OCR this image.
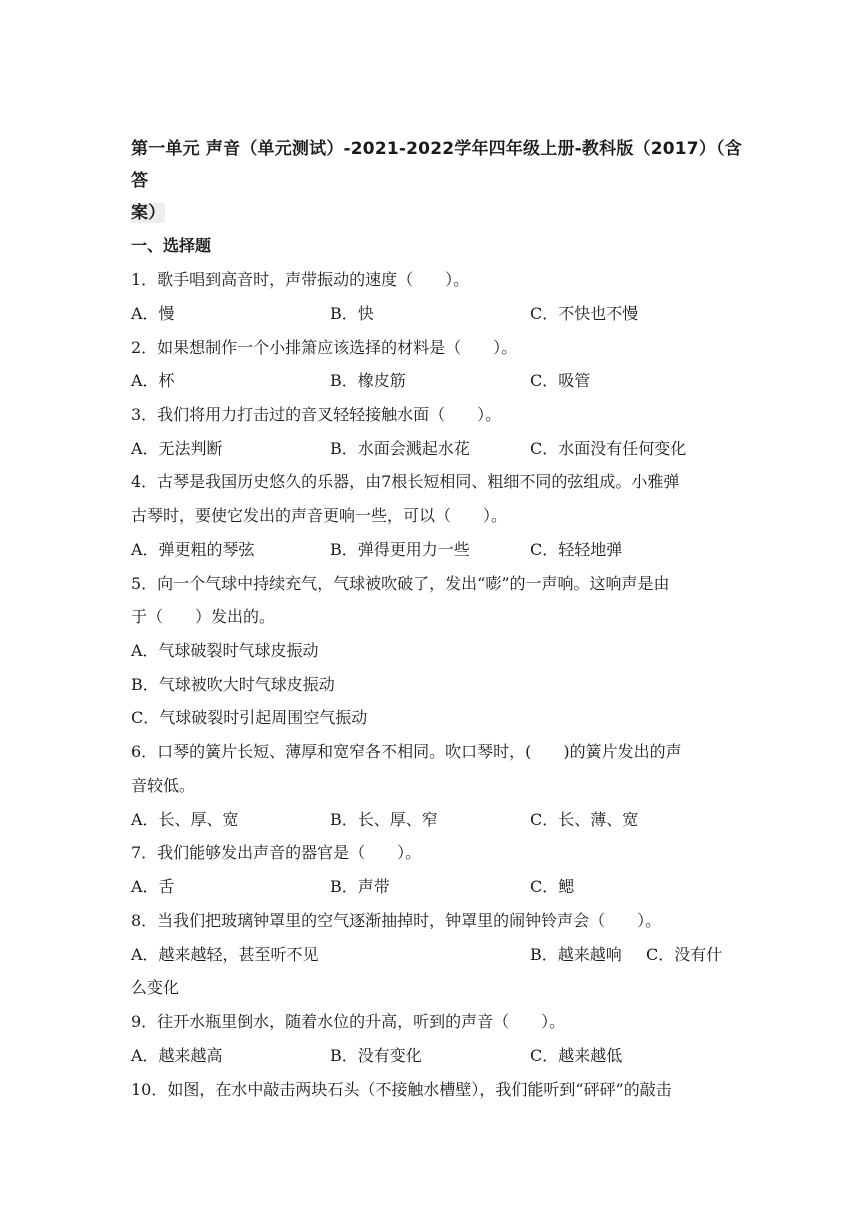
第一单元 声音（单元测试）-2021-2022学年四年级上册-教科版（2017）（含答
案）
一、选择题
1．歌手唱到高音时，声带振动的速度（　　）。
A．慢	B．快	C．不快也不慢
2．如果想制作一个小排箫应该选择的材料是（　　）。
A．杯	B．橡皮筋	C．吸管
3．我们将用力打击过的音叉轻轻接触水面（　　）。
A．无法判断	B．水面会溅起水花	C．水面没有任何变化
4．古琴是我国历史悠久的乐器，由7根长短相同、粗细不同的弦组成。小雅弹
古琴时，要使它发出的声音更响一些，可以（　　）。
A．弹更粗的琴弦	B．弹得更用力一些	C．轻轻地弹
5．向一个气球中持续充气，气球被吹破了，发出“嘭”的一声响。这响声是由
于（　　）发出的。
A．气球破裂时气球皮振动
B．气球被吹大时气球皮振动
C．气球破裂时引起周围空气振动
6．口琴的簧片长短、薄厚和宽窄各不相同。吹口琴时，(　　)的簧片发出的声
音较低。
A．长、厚、宽	B．长、厚、窄	C．长、薄、宽
7．我们能够发出声音的器官是（　　）。
A．舌	B．声带	C．鳃
8．当我们把玻璃钟罩里的空气逐渐抽掉时，钟罩里的闹钟铃声会（　　）。
A．越来越轻，甚至听不见	B．越来越响 C．没有什
么变化
9．往开水瓶里倒水，随着水位的升高，听到的声音（　　）。
A．越来越高	B．没有变化	C．越来越低
10．如图，在水中敲击两块石头（不接触水槽壁），我们能听到“砰砰”的敲击
